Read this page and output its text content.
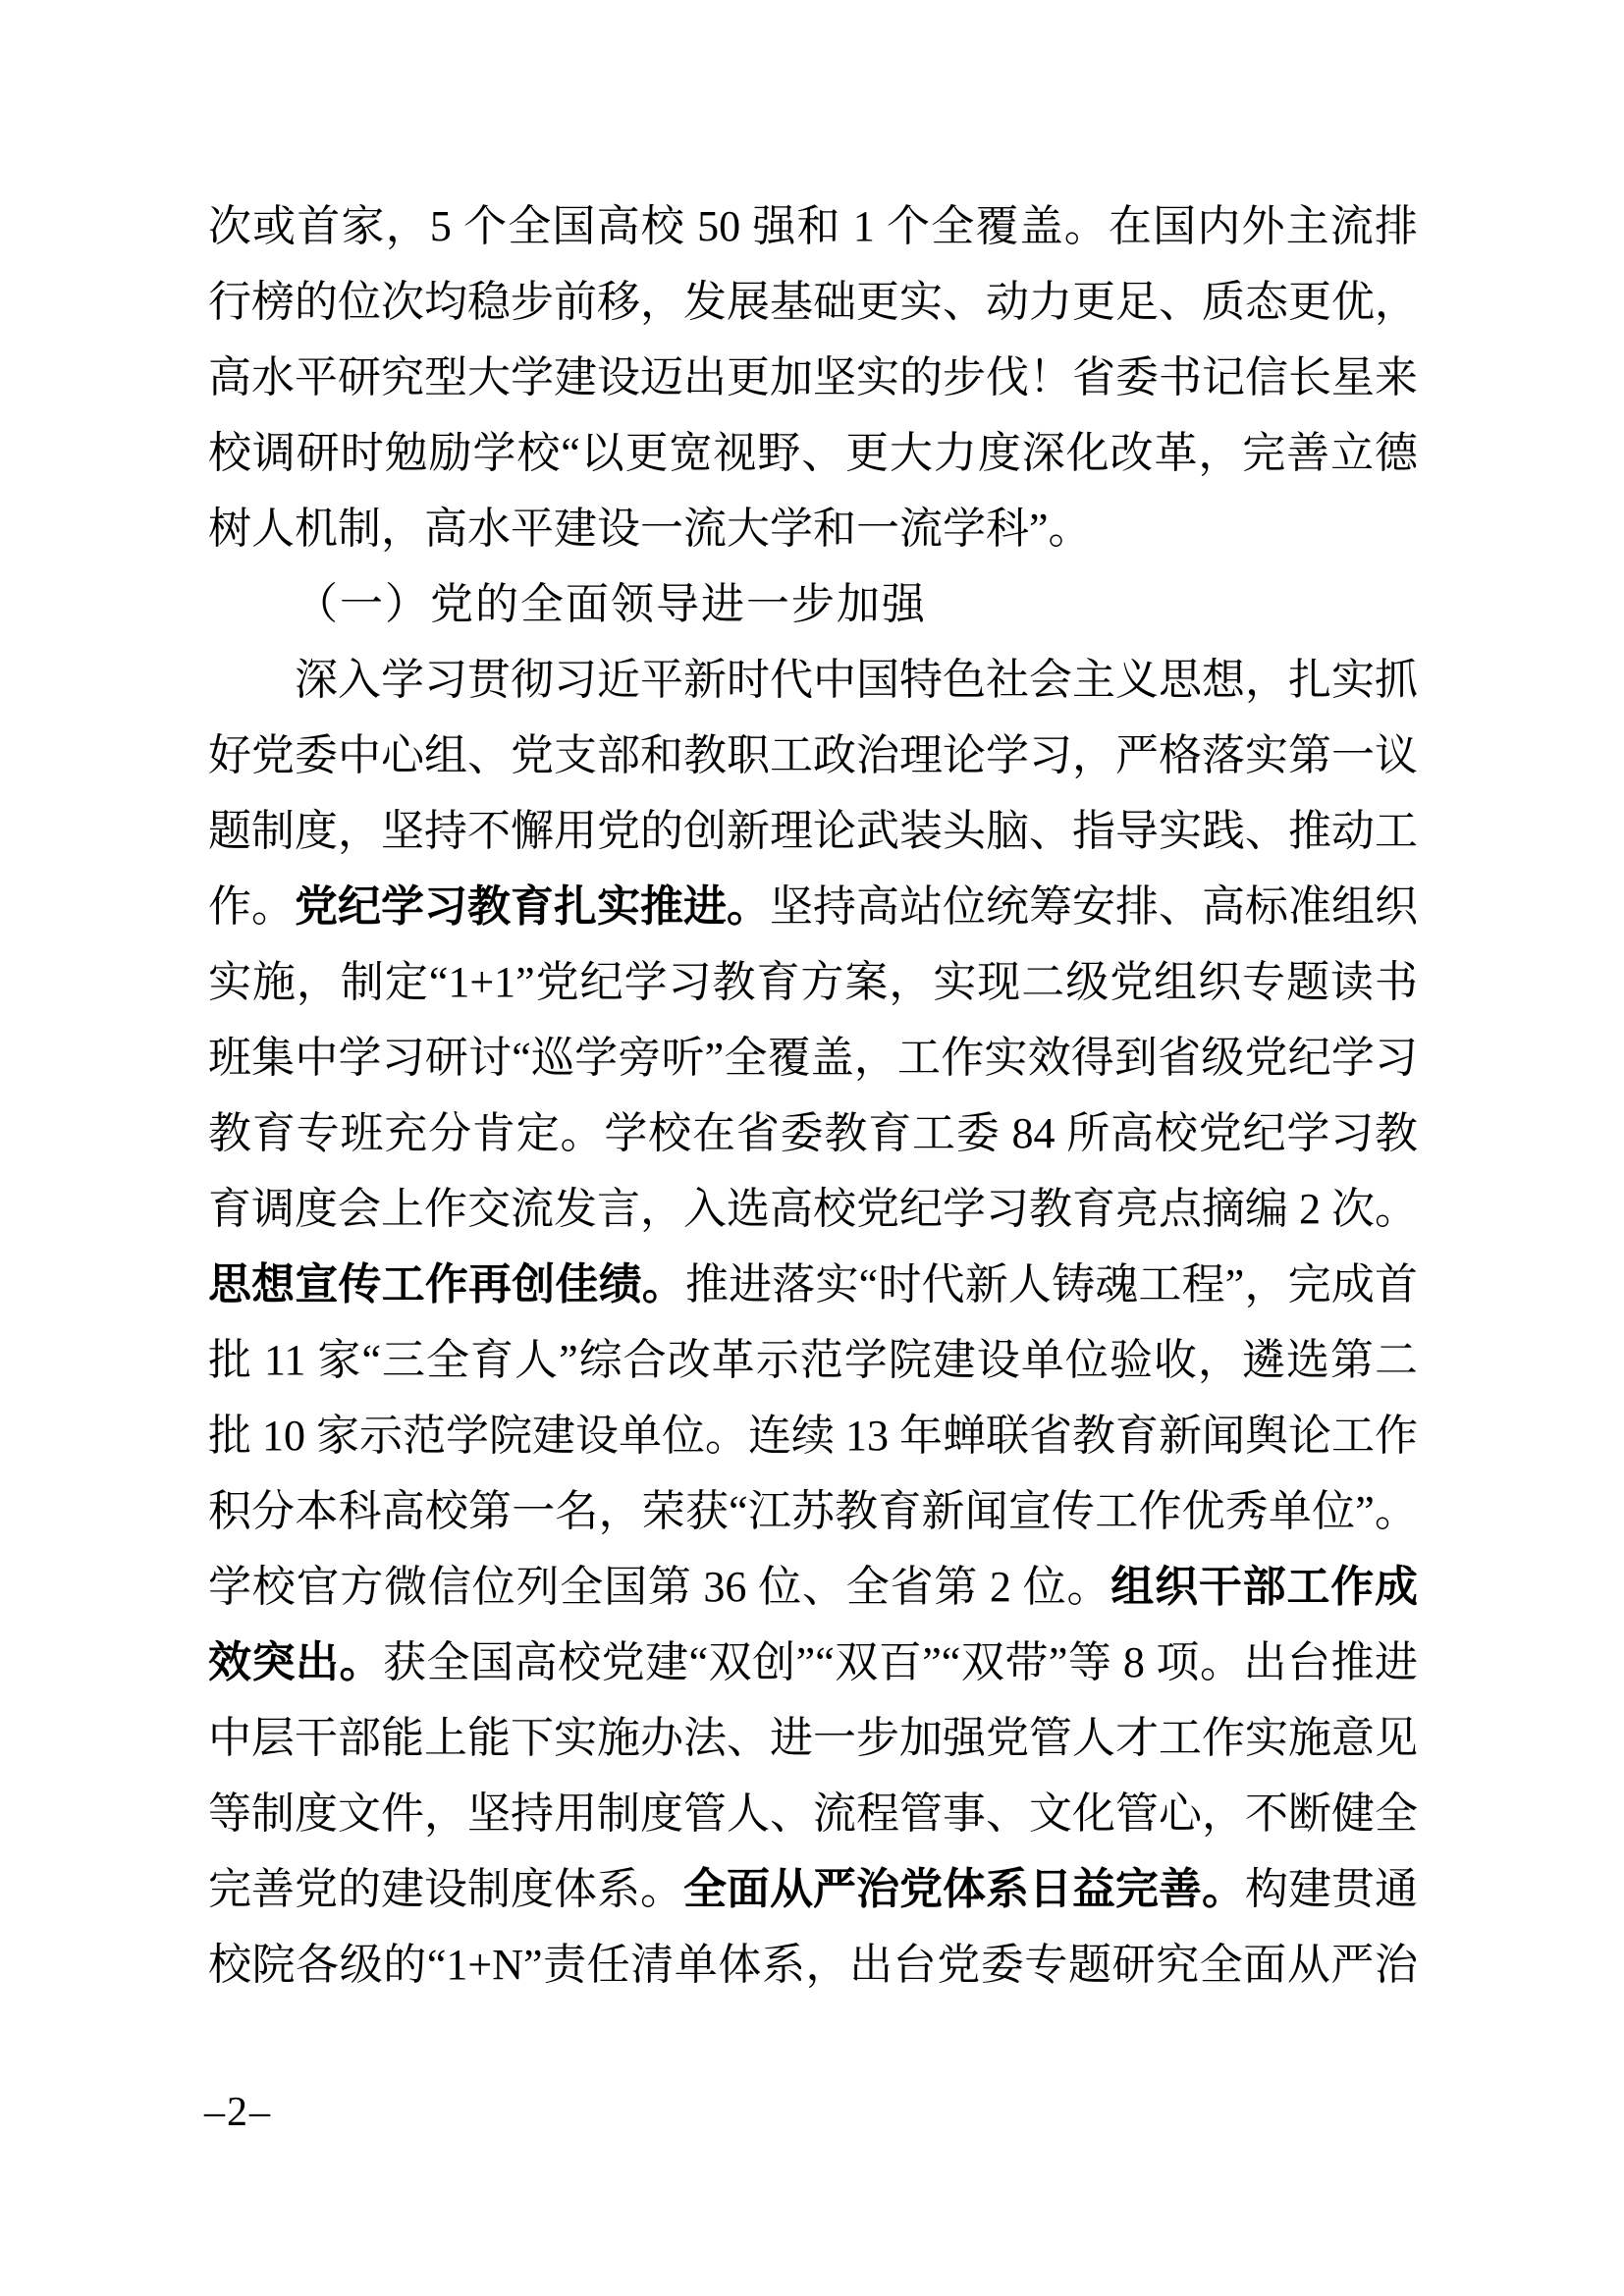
次或首家，5 个全国高校 50 强和 1 个全覆盖。在国内外主流排
行榜的位次均稳步前移，发展基础更实、动力更足、质态更优，
高水平研究型大学建设迈出更加坚实的步伐！省委书记信长星来
校调研时勉励学校“以更宽视野、更大力度深化改革，完善立德
树人机制，高水平建设一流大学和一流学科”。
（一）党的全面领导进一步加强
深入学习贯彻习近平新时代中国特色社会主义思想，扎实抓
好党委中心组、党支部和教职工政治理论学习，严格落实第一议
题制度，坚持不懈用党的创新理论武装头脑、指导实践、推动工
作。党纪学习教育扎实推进。坚持高站位统筹安排、高标准组织
实施，制定“1+1”党纪学习教育方案，实现二级党组织专题读书
班集中学习研讨“巡学旁听”全覆盖，工作实效得到省级党纪学习
教育专班充分肯定。学校在省委教育工委 84 所高校党纪学习教
育调度会上作交流发言，入选高校党纪学习教育亮点摘编 2 次。
思想宣传工作再创佳绩。推进落实“时代新人铸魂工程”，完成首
批 11 家“三全育人”综合改革示范学院建设单位验收，遴选第二
批 10 家示范学院建设单位。连续 13 年蝉联省教育新闻舆论工作
积分本科高校第一名，荣获“江苏教育新闻宣传工作优秀单位”。
学校官方微信位列全国第 36 位、全省第 2 位。组织干部工作成
效突出。获全国高校党建“双创”“双百”“双带”等 8 项。出台推进
中层干部能上能下实施办法、进一步加强党管人才工作实施意见
等制度文件，坚持用制度管人、流程管事、文化管心，不断健全
完善党的建设制度体系。全面从严治党体系日益完善。构建贯通
校院各级的“1+N”责任清单体系，出台党委专题研究全面从严治
–2–
